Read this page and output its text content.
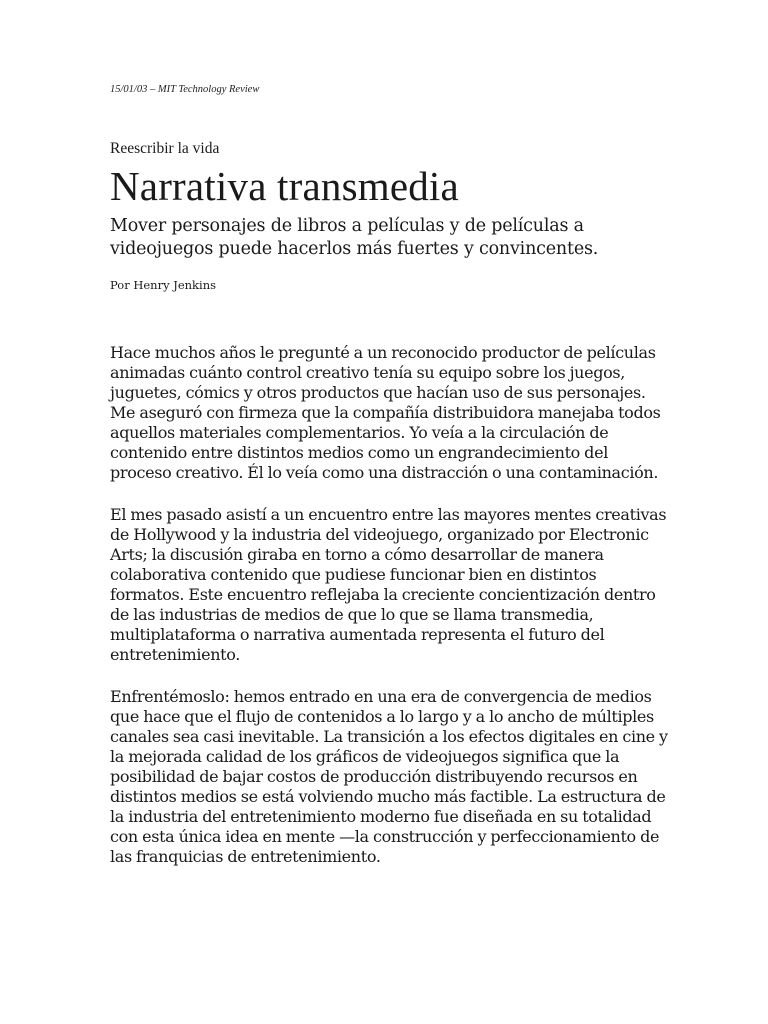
15/01/03 – MIT Technology Review
Reescribir la vida
Narrativa transmedia

Mover personajes de libros a películas y de películas a videojuegos puede hacerlos más fuertes y convincentes.

Por Henry Jenkins

Hace muchos años le pregunté a un reconocido productor de películas animadas cuánto control creativo tenía su equipo sobre los juegos, juguetes, cómics y otros productos que hacían uso de sus personajes. Me aseguró con firmeza que la compañía distribuidora manejaba todos aquellos materiales complementarios. Yo veía a la circulación de contenido entre distintos medios como un engrandecimiento del proceso creativo. Él lo veía como una distracción o una contaminación.

El mes pasado asistí a un encuentro entre las mayores mentes creativas de Hollywood y la industria del videojuego, organizado por Electronic Arts; la discusión giraba en torno a cómo desarrollar de manera colaborativa contenido que pudiese funcionar bien en distintos formatos. Este encuentro reflejaba la creciente concientización dentro de las industrias de medios de que lo que se llama transmedia, multiplataforma o narrativa aumentada representa el futuro del entretenimiento.

Enfrentémoslo: hemos entrado en una era de convergencia de medios que hace que el flujo de contenidos a lo largo y a lo ancho de múltiples canales sea casi inevitable. La transición a los efectos digitales en cine y la mejorada calidad de los gráficos de videojuegos significa que la posibilidad de bajar costos de producción distribuyendo recursos en distintos medios se está volviendo mucho más factible. La estructura de la industria del entretenimiento moderno fue diseñada en su totalidad con esta única idea en mente —la construcción y perfeccionamiento de las franquicias de entretenimiento.
